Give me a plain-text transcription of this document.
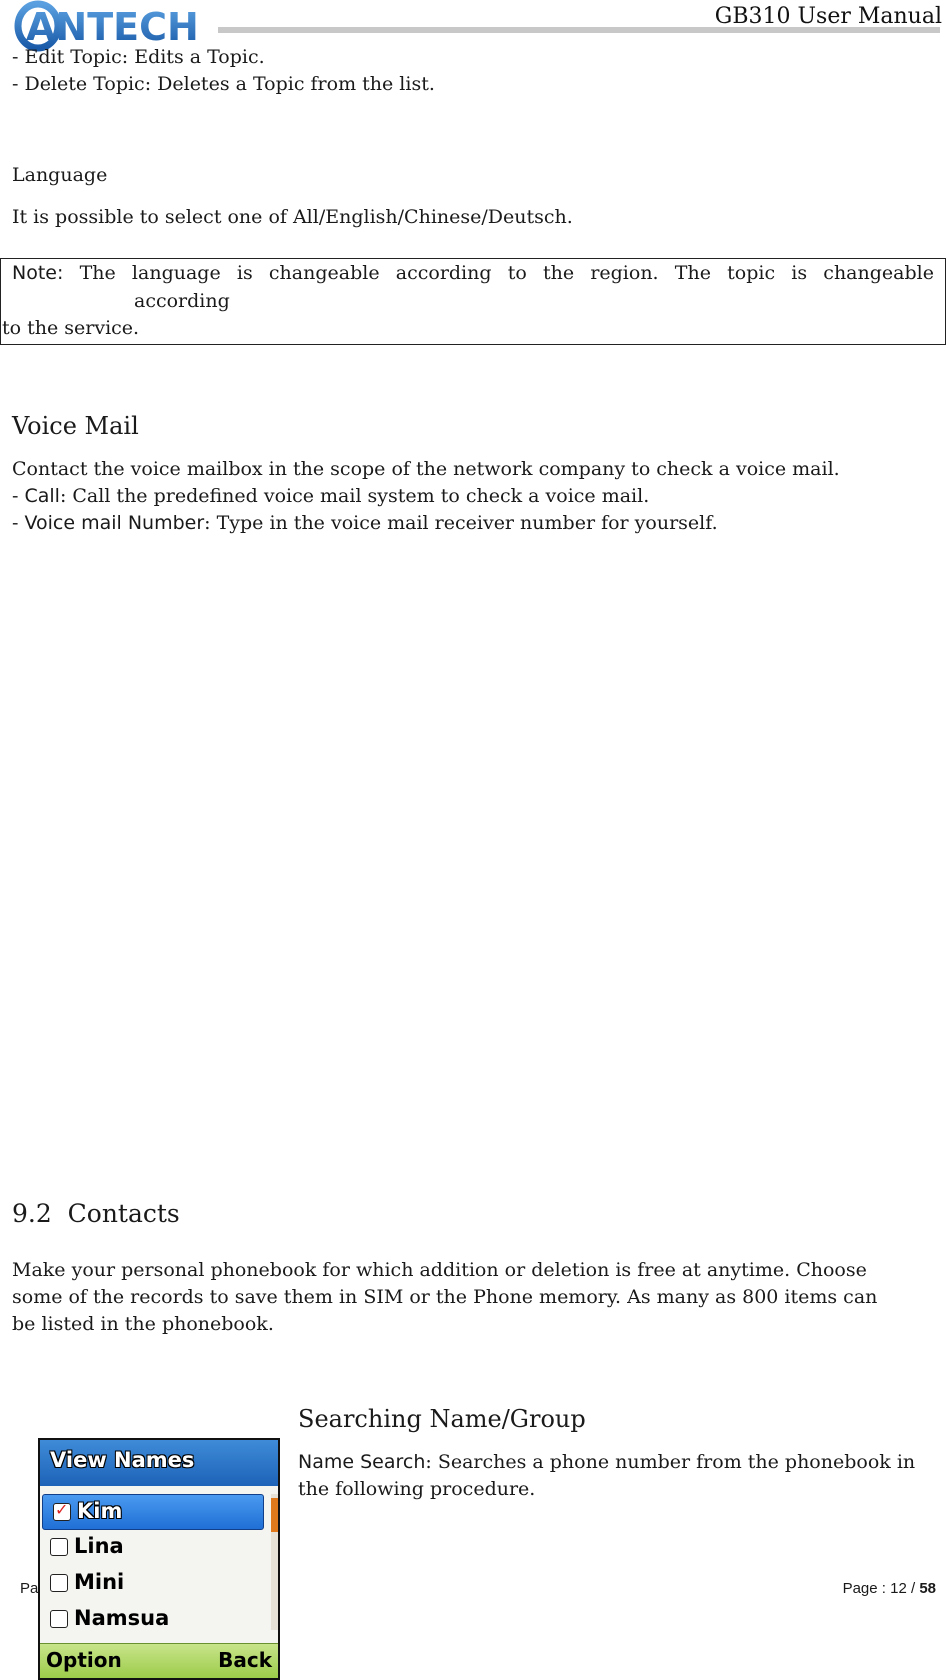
ANTECH	GB310 User Manual
- Edit Topic: Edits a Topic.
- Delete Topic: Deletes a Topic from the list.
Language
It is possible to select one of All/English/Chinese/Deutsch.
Note: The language is changeable according to the region. The topic is changeable
according
to the service.
Voice Mail
Contact the voice mailbox in the scope of the network company to check a voice mail.
- Call: Call the predefined voice mail system to check a voice mail.
- Voice mail Number: Type in the voice mail receiver number for yourself.
9.2  Contacts
Make your personal phonebook for which addition or deletion is free at anytime. Choose
some of the records to save them in SIM or the Phone memory. As many as 800 items can
be listed in the phonebook.
Searching Name/Group
Name Search: Searches a phone number from the phonebook in
the following procedure.
Pa	Page : 12 / 58
View Names
✓ Kim
Lina
Mini
Namsua
Option	Back
